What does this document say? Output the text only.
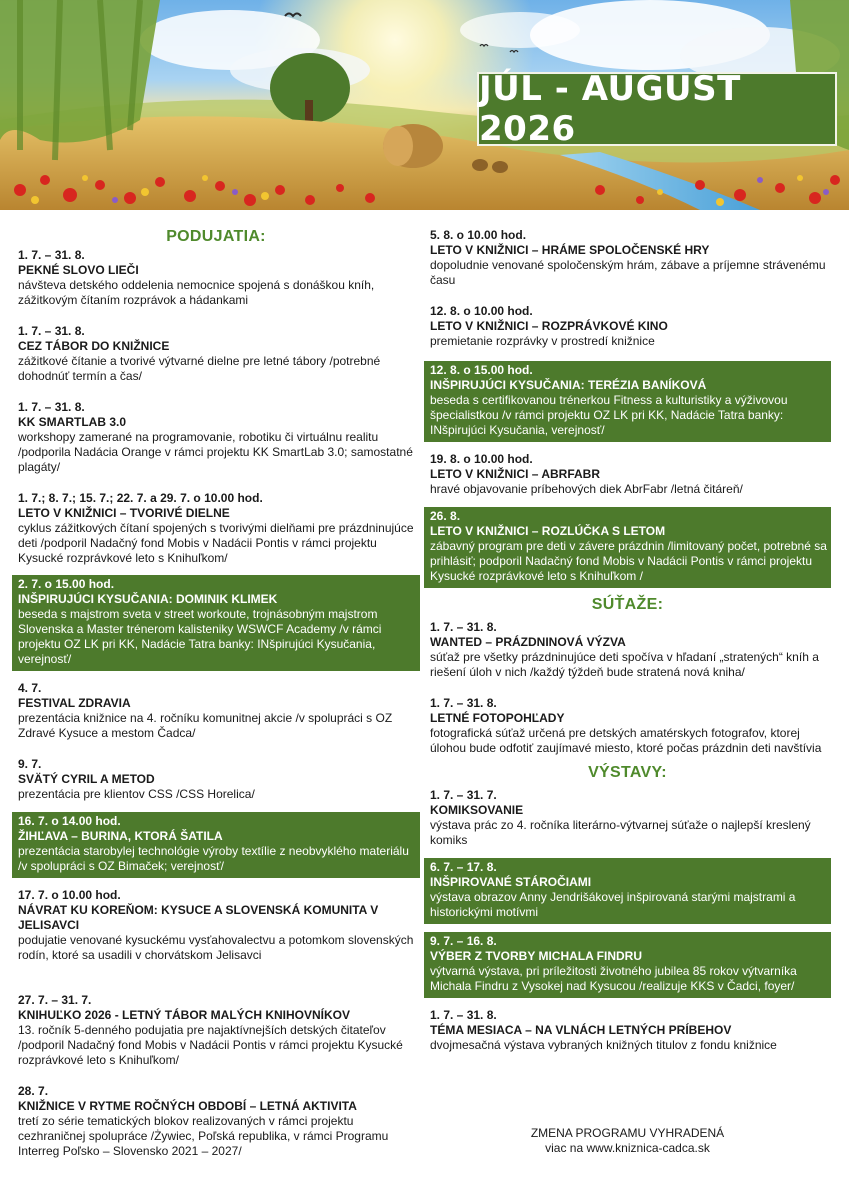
JÚL - AUGUST 2026
PODUJATIA:
1. 7. – 31. 8.
PEKNÉ SLOVO LIEČI
návšteva detského oddelenia nemocnice spojená s donáškou kníh, zážitkovým čítaním rozprávok a hádankami
1. 7. – 31. 8.
CEZ TÁBOR DO KNIŽNICE
zážitkové čítanie a tvorivé výtvarné dielne pre letné tábory /potrebné dohodnúť termín a čas/
1. 7. – 31. 8.
KK SMARTLAB 3.0
workshopy zamerané na programovanie, robotiku či virtuálnu realitu /podporila Nadácia Orange v rámci projektu KK SmartLab 3.0; samostatné plagáty/
1. 7.; 8. 7.; 15. 7.; 22. 7. a 29. 7. o 10.00 hod.
LETO V KNIŽNICI – TVORIVÉ DIELNE
cyklus zážitkových čítaní spojených s tvorivými dielňami pre prázdninujúce deti /podporil Nadačný fond Mobis v Nadácii Pontis v rámci projektu Kysucké rozprávkové leto s Knihuľkom/
2. 7. o 15.00 hod.
INŠPIRUJÚCI KYSUČANIA: DOMINIK KLIMEK
beseda s majstrom sveta v street workoute, trojnásobným majstrom Slovenska a Master trénerom kalisteniky WSWCF Academy /v rámci projektu OZ LK pri KK, Nadácie Tatra banky: INšpirujúci Kysučania, verejnosť/
4. 7.
FESTIVAL ZDRAVIA
prezentácia knižnice na 4. ročníku komunitnej akcie /v spolupráci s OZ Zdravé Kysuce a mestom Čadca/
9. 7.
SVÄTÝ CYRIL A METOD
prezentácia pre klientov CSS /CSS Horelica/
16. 7. o 14.00 hod.
ŽIHĽAVA – BURINA, KTORÁ ŠATILA
prezentácia starobylej technológie výroby textílie z neobvyklého materiálu /v spolupráci s OZ Bimaček; verejnosť/
17. 7. o 10.00 hod.
NÁVRAT KU KOREŇOM: KYSUCE A SLOVENSKÁ KOMUNITA V JELISAVCI
podujatie venované kysuckému vysťahovalectvu a potomkom slovenských rodín, ktoré sa usadili v chorvátskom Jelisavci
27. 7. – 31. 7.
KNIHUĽKO 2026 - LETNÝ TÁBOR MALÝCH KNIHOVNÍKOV
13. ročník 5-denného podujatia pre najaktívnejších detských čitateľov /podporil Nadačný fond Mobis v Nadácii Pontis v rámci projektu Kysucké rozprávkové leto s Knihuľkom/
28. 7.
KNIŽNICE V RYTME ROČNÝCH OBDOBÍ – LETNÁ AKTIVITA
tretí zo série tematických blokov realizovaných v rámci projektu cezhraničnej spolupráce /Żywiec, Poľská republika, v rámci Programu Interreg Poľsko – Slovensko 2021 – 2027/
5. 8. o 10.00 hod.
LETO V KNIŽNICI – HRÁME SPOLOČENSKÉ HRY
dopoludnie venované spoločenským hrám, zábave a príjemne strávenému času
12. 8. o 10.00 hod.
LETO V KNIŽNICI – ROZPRÁVKOVÉ KINO
premietanie rozprávky v prostredí knižnice
12. 8. o 15.00 hod.
INŠPIRUJÚCI KYSUČANIA: TERÉZIA BANÍKOVÁ
beseda s certifikovanou trénerkou Fitness a kulturistiky a výživovou špecialistkou /v rámci projektu OZ LK pri KK, Nadácie Tatra banky: INšpirujúci Kysučania, verejnosť/
19. 8. o 10.00 hod.
LETO V KNIŽNICI – ABRFABR
hravé objavovanie príbehových diek AbrFabr /letná čitáreň/
26. 8.
LETO V KNIŽNICI – ROZLÚČKA S LETOM
zábavný program pre deti v závere prázdnin /limitovaný počet, potrebné sa prihlásiť; podporil Nadačný fond Mobis v Nadácii Pontis v rámci projektu Kysucké rozprávkové leto s Knihuľkom /
SÚŤAŽE:
1. 7. – 31. 8.
WANTED – PRÁZDNINOVÁ VÝZVA
súťaž pre všetky prázdninujúce deti spočíva v hľadaní „stratených“ kníh a riešení úloh v nich /každý týždeň bude stratená nová kniha/
1. 7. – 31. 8.
LETNÉ FOTOPOHĽADY
fotografická súťaž určená pre detských amatérskych fotografov, ktorej úlohou bude odfotiť zaujímavé miesto, ktoré počas prázdnin deti navštívia
VÝSTAVY:
1. 7. – 31. 7.
KOMIKSOVANIE
výstava prác zo 4. ročníka literárno-výtvarnej súťaže o najlepší kreslený komiks
6. 7. – 17. 8.
INŠPIROVANÉ STÁROČIAMI
výstava obrazov Anny Jendrišákovej inšpirovaná starými majstrami a historickými motívmi
9. 7. – 16. 8.
VÝBER Z TVORBY MICHALA FINDRU
výtvarná výstava, pri príležitosti životného jubilea 85 rokov výtvarníka Michala Findru z Vysokej nad Kysucou /realizuje KKS v Čadci, foyer/
1. 7. – 31. 8.
TÉMA MESIACA – NA VLNÁCH LETNÝCH PRÍBEHOV
dvojmesačná výstava vybraných knižných titulov z fondu knižnice
ZMENA PROGRAMU VYHRADENÁ
viac na www.kniznica-cadca.sk
